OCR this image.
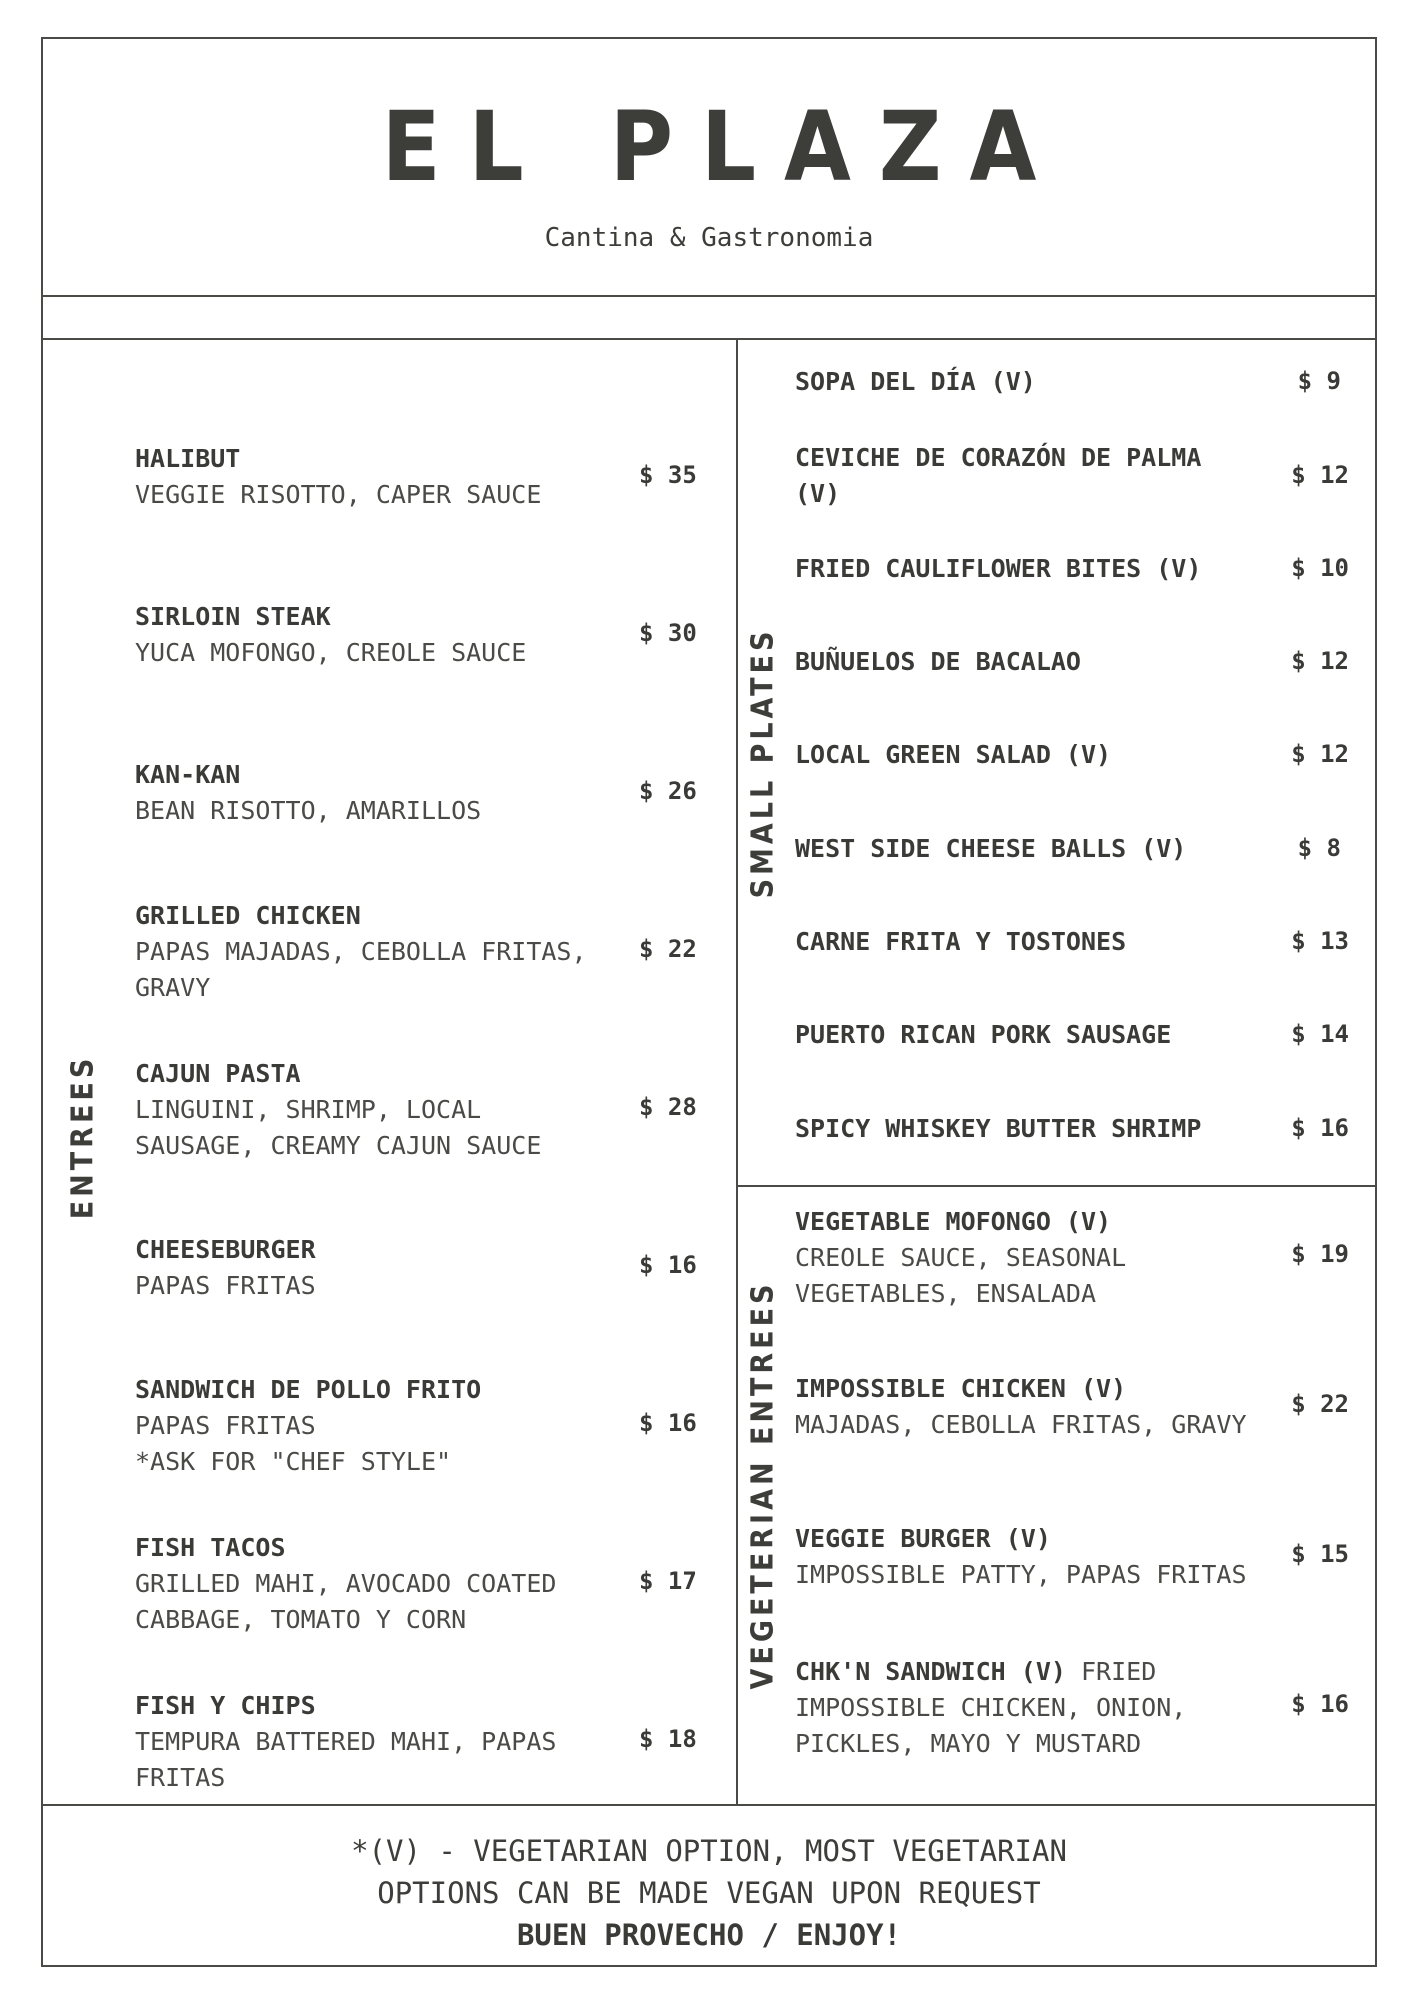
EL PLAZA
Cantina & Gastronomia
ENTREES
HALIBUT
VEGGIE RISOTTO, CAPER SAUCE
$ 35
SIRLOIN STEAK
YUCA MOFONGO, CREOLE SAUCE
$ 30
KAN-KAN
BEAN RISOTTO, AMARILLOS
$ 26
GRILLED CHICKEN
PAPAS MAJADAS, CEBOLLA FRITAS,
GRAVY
$ 22
CAJUN PASTA
LINGUINI, SHRIMP, LOCAL
SAUSAGE, CREAMY CAJUN SAUCE
$ 28
CHEESEBURGER
PAPAS FRITAS
$ 16
SANDWICH DE POLLO FRITO
PAPAS FRITAS
*ASK FOR "CHEF STYLE"
$ 16
FISH TACOS
GRILLED MAHI, AVOCADO COATED
CABBAGE, TOMATO Y CORN
$ 17
FISH Y CHIPS
TEMPURA BATTERED MAHI, PAPAS
FRITAS
$ 18
SMALL PLATES
SOPA DEL DÍA (V)	$ 9
CEVICHE DE CORAZÓN DE PALMA (V)
$ 12
FRIED CAULIFLOWER BITES (V)	$ 10
BUÑUELOS DE BACALAO	$ 12
LOCAL GREEN SALAD (V)	$ 12
WEST SIDE CHEESE BALLS (V)	$ 8
CARNE FRITA Y TOSTONES	$ 13
PUERTO RICAN PORK SAUSAGE	$ 14
SPICY WHISKEY BUTTER SHRIMP	$ 16
VEGETERIAN ENTREES
VEGETABLE MOFONGO (V)
CREOLE SAUCE, SEASONAL
VEGETABLES, ENSALADA
$ 19
IMPOSSIBLE CHICKEN (V)
MAJADAS, CEBOLLA FRITAS, GRAVY
$ 22
VEGGIE BURGER (V)
IMPOSSIBLE PATTY, PAPAS FRITAS
$ 15
CHK'N SANDWICH (V) FRIED
IMPOSSIBLE CHICKEN, ONION,
PICKLES, MAYO Y MUSTARD
$ 16
*(V) - VEGETARIAN OPTION, MOST VEGETARIAN
OPTIONS CAN BE MADE VEGAN UPON REQUEST
BUEN PROVECHO / ENJOY!
